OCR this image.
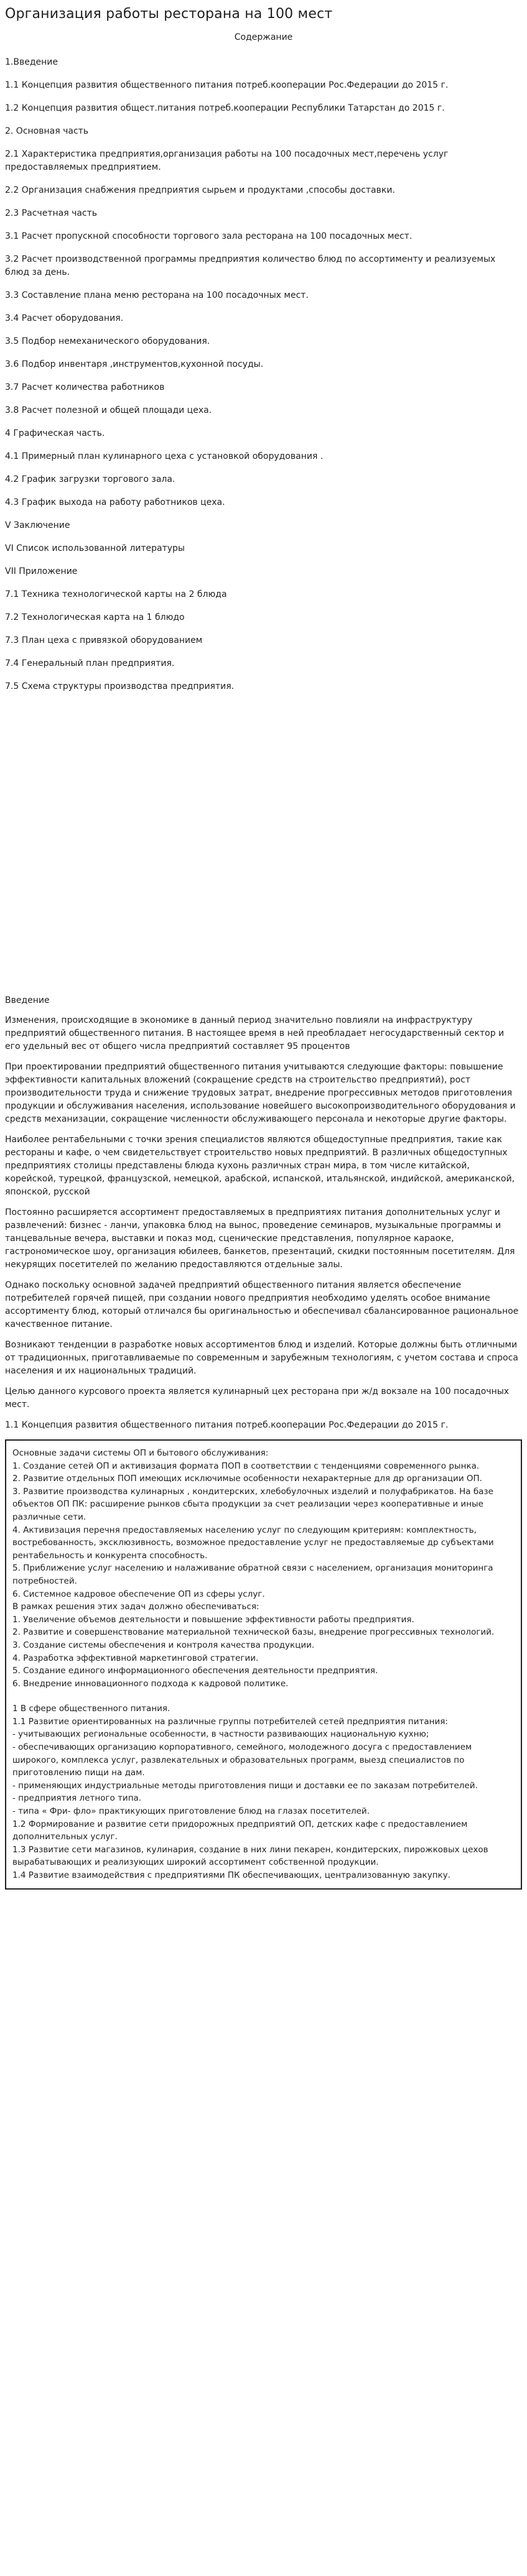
Организация работы ресторана на 100 мест
Содержание
1.Введение
1.1 Концепция развития общественного питания потреб.кооперации Рос.Федерации до 2015 г.
1.2 Концепция развития общест.питания потреб.кооперации Республики Татарстан до 2015 г.
2. Основная часть
2.1 Характеристика предприятия,организация работы на 100 посадочных мест,перечень услуг предоставляемых предприятием.
2.2 Организация снабжения предприятия сырьем и продуктами ,способы доставки.
2.3 Расчетная часть
3.1 Расчет пропускной способности торгового зала ресторана на 100 посадочных мест.
3.2 Расчет производственной программы предприятия количество блюд по ассортименту и реализуемых блюд за день.
3.3 Составление плана меню ресторана на 100 посадочных мест.
3.4 Расчет оборудования.
3.5 Подбор немеханического оборудования.
3.6 Подбор инвентаря ,инструментов,кухонной посуды.
3.7 Расчет количества работников
3.8 Расчет полезной и общей площади цеха.
4 Графическая часть.
4.1 Примерный план кулинарного цеха с установкой оборудования .
4.2 График загрузки торгового зала.
4.3 График выхода на работу работников цеха.
V Заключение
VI Список использованной литературы
VII Приложение
7.1 Техника технологической карты на 2 блюда
7.2 Технологическая карта на 1 блюдо
7.3 План цеха с привязкой оборудованием
7.4 Генеральный план предприятия.
7.5 Схема структуры производства предприятия.
Введение

Изменения, происходящие в экономике в данный период значительно повлияли на инфраструктуру предприятий общественного питания. В настоящее время в ней преобладает негосударственный сектор и его удельный вес от общего числа предприятий составляет 95 процентов

При проектировании предприятий общественного питания учитываются следующие факторы: повышение эффективности капитальных вложений (сокращение средств на строительство предприятий), рост производительности труда и снижение трудовых затрат, внедрение прогрессивных методов приготовления продукции и обслуживания населения, использование новейшего высокопроизводительного оборудования и средств механизации, сокращение численности обслуживающего персонала и некоторые другие факторы.

Наиболее рентабельными с точки зрения специалистов являются общедоступные предприятия, такие как рестораны и кафе, о чем свидетельствует строительство новых предприятий. В различных общедоступных предприятиях столицы представлены блюда кухонь различных стран мира, в том числе китайской, корейской, турецкой, французской, немецкой, арабской, испанской, итальянской, индийской, американской, японской, русской

Постоянно расширяется ассортимент предоставляемых в предприятиях питания дополнительных услуг и развлечений: бизнес - ланчи, упаковка блюд на вынос, проведение семинаров, музыкальные программы и танцевальные вечера, выставки и показ мод, сценические представления, популярное караоке, гастрономическое шоу, организация юбилеев, банкетов, презентаций, скидки постоянным посетителям. Для некурящих посетителей по желанию предоставляются отдельные залы.

Однако поскольку основной задачей предприятий общественного питания является обеспечение потребителей горячей пищей, при создании нового предприятия необходимо уделять особое внимание ассортименту блюд, который отличался бы оригинальностью и обеспечивал сбалансированное рациональное качественное питание.

Возникают тенденции в разработке новых ассортиментов блюд и изделий. Которые должны быть отличными от традиционных, приготавливаемые по современным и зарубежным технологиям, с учетом состава и спроса населения и их национальных традиций.

Целью данного курсового проекта является кулинарный цех ресторана при ж/д вокзале на 100 посадочных мест.

1.1 Концепция развития общественного питания потреб.кооперации Рос.Федерации до 2015 г.

Основные задачи системы ОП и бытового обслуживания:

1. Создание сетей ОП и активизация формата ПОП в соответствии с тенденциями современного рынка.

2. Развитие отдельных ПОП имеющих исключимые особенности нехарактерные для др организации ОП.

3. Развитие производства кулинарных , кондитерских, хлебобулочных изделий и полуфабрикатов. На базе объектов ОП ПК: расширение рынков сбыта продукции за счет реализации через кооперативные и иные различные сети.

4. Активизация перечня предоставляемых населению услуг по следующим критериям: комплектность, востребованность, эксклюзивность, возможное предоставление услуг не предоставляемые др субъектами рентабельность и конкурента способность.

5. Приближение услуг населению и налаживание обратной связи с населением, организация мониторинга потребностей.

6. Системное кадровое обеспечение ОП из сферы услуг.

В рамках решения этих задач должно обеспечиваться:

1. Увеличение объемов деятельности и повышение эффективности работы предприятия.

2. Развитие и совершенствование материальной технической базы, внедрение прогрессивных технологий.

3. Создание системы обеспечения и контроля качества продукции.

4. Разработка эффективной маркетинговой стратегии.

5. Создание единого информационного обеспечения деятельности предприятия.

6. Внедрение инновационного подхода к кадровой политике.

1 В сфере общественного питания.

1.1 Развитие ориентированных на различные группы потребителей сетей предприятия питания:

- учитывающих региональные особенности, в частности развивающих национальную кухню;

- обеспечивающих организацию корпоративного, семейного, молодежного досуга с предоставлением широкого, комплекса услуг, развлекательных и образовательных программ, выезд специалистов по приготовлению пищи на дам.

- применяющих индустриальные методы приготовления пищи и доставки ее по заказам потребителей.

- предприятия летного типа.

- типа « Фри- фло» практикующих приготовление блюд на глазах посетителей.

1.2 Формирование и развитие сети придорожных предприятий ОП, детских кафе с предоставлением дополнительных услуг.

1.3 Развитие сети магазинов, кулинария, создание в них лини пекарен, кондитерских, пирожковых цехов вырабатывающих и реализующих широкий ассортимент собственной продукции.

1.4 Развитие взаимодействия с предприятиями ПК обеспечивающих, централизованную закупку.
